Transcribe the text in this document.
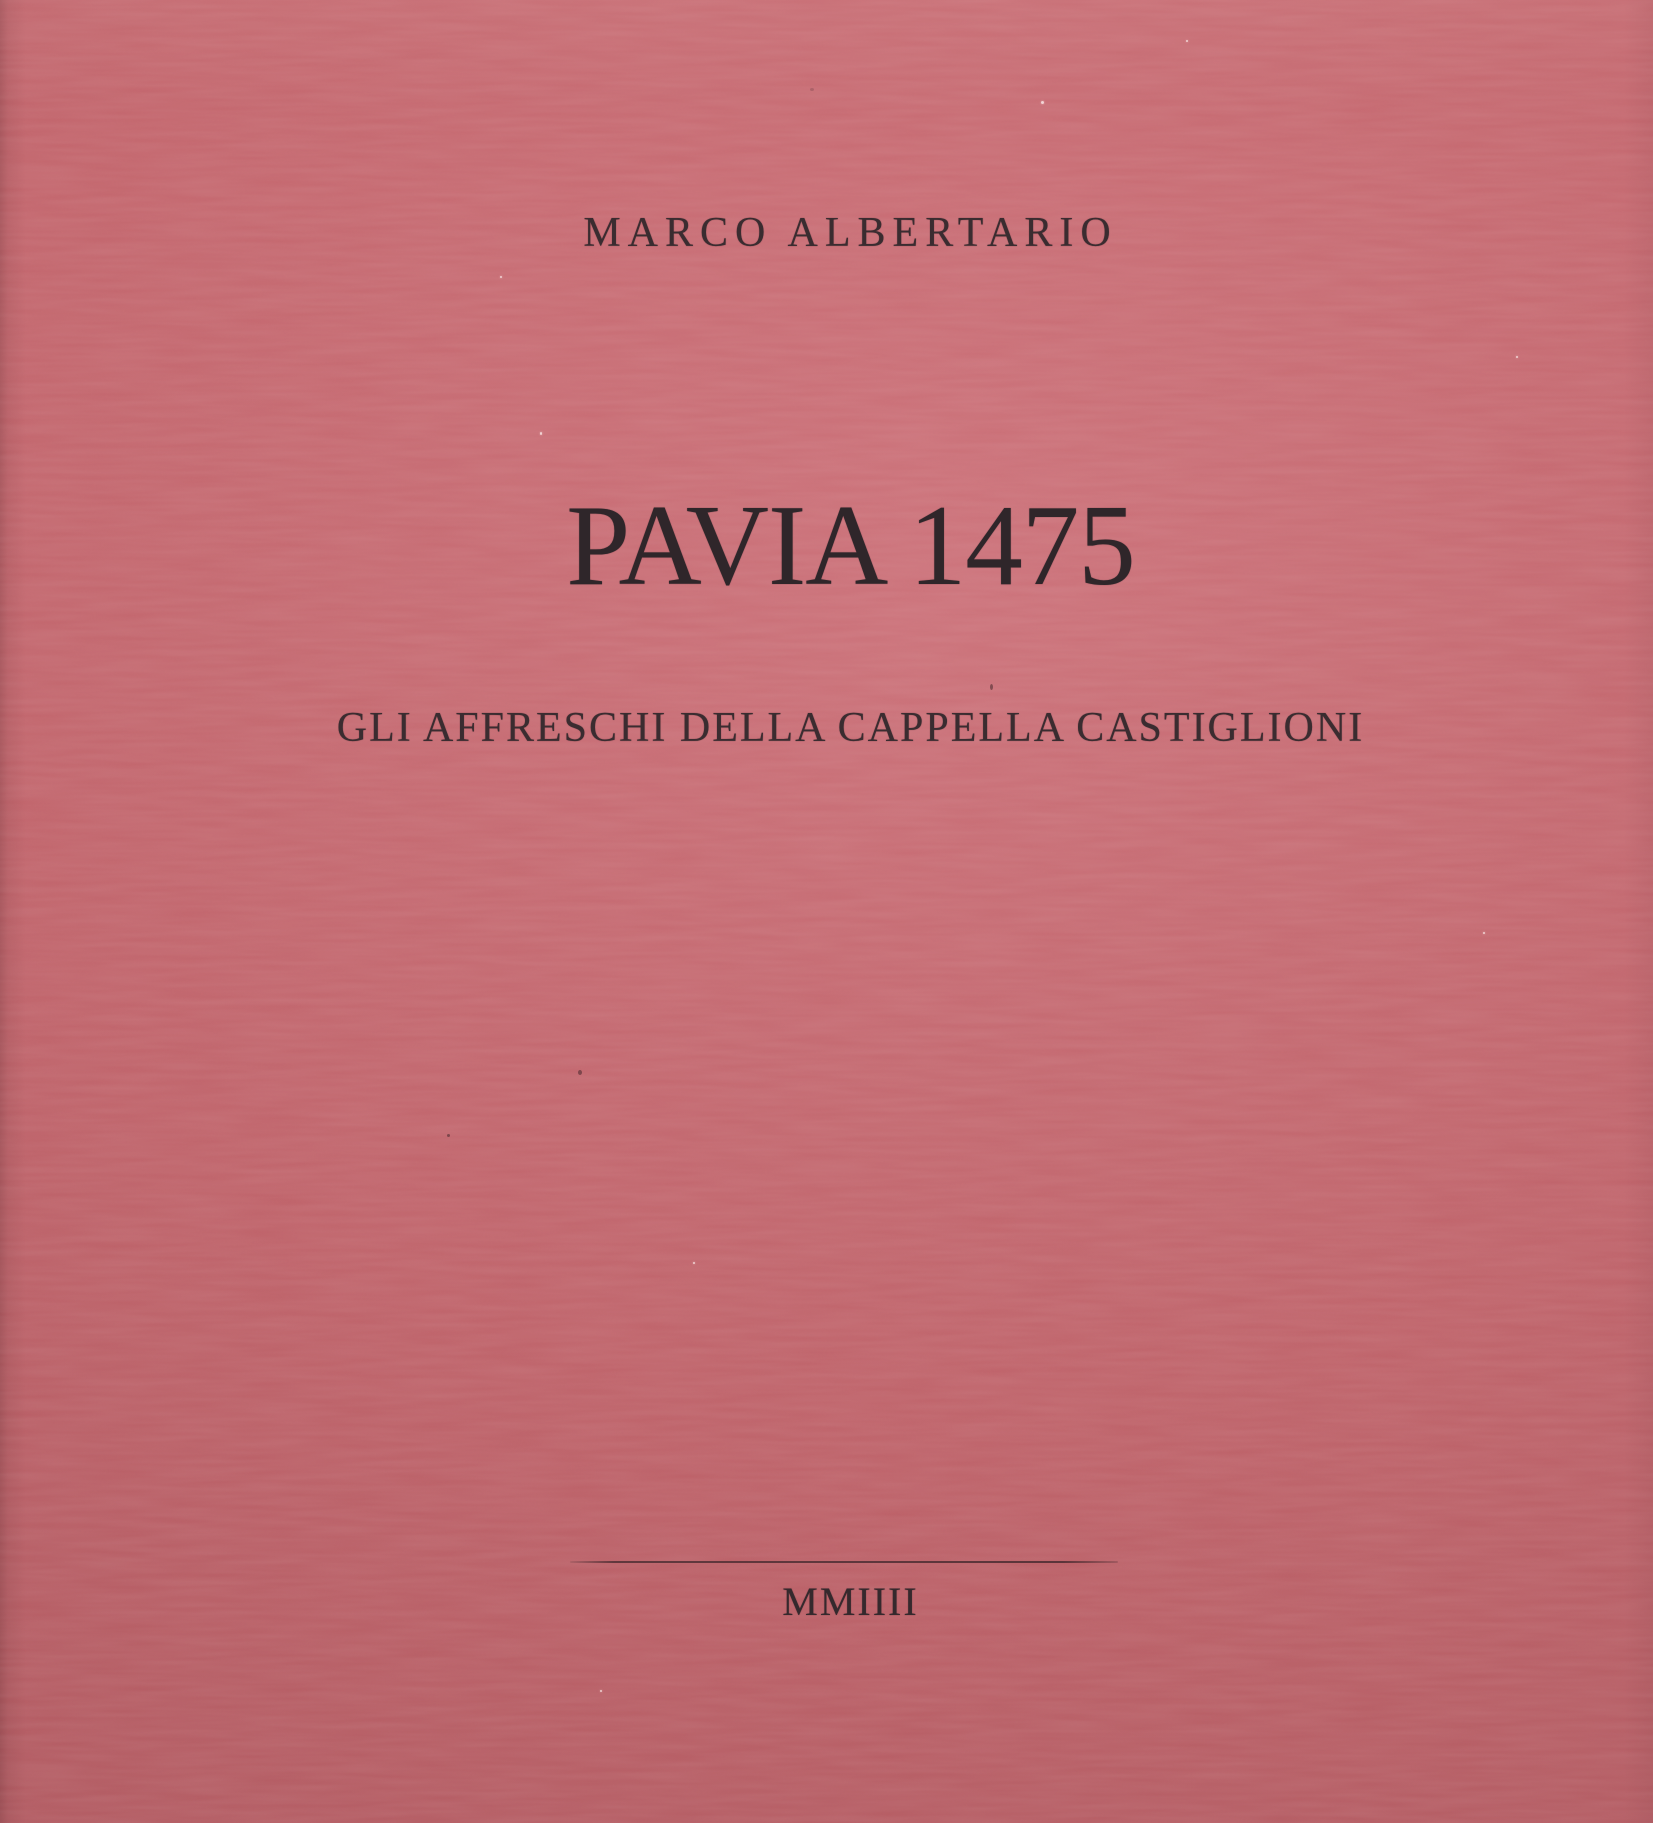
MARCO ALBERTARIO
PAVIA 1475
GLI AFFRESCHI DELLA CAPPELLA CASTIGLIONI
MMIIII
